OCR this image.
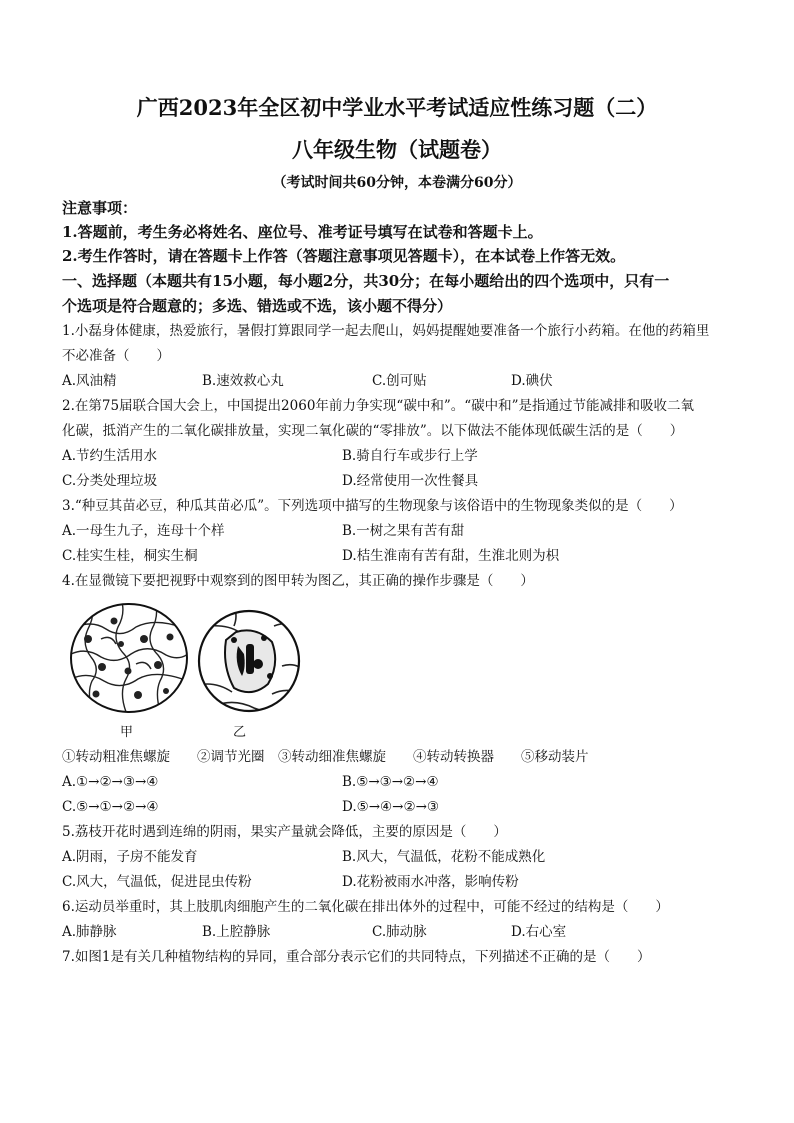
广西2023年全区初中学业水平考试适应性练习题（二）
八年级生物（试题卷）
（考试时间共60分钟，本卷满分60分）
注意事项：
1.答题前，考生务必将姓名、座位号、准考证号填写在试卷和答题卡上。
2.考生作答时，请在答题卡上作答（答题注意事项见答题卡），在本试卷上作答无效。
一、选择题（本题共有15小题，每小题2分，共30分；在每小题给出的四个选项中，只有一
个选项是符合题意的；多选、错选或不选，该小题不得分）
1.小磊身体健康，热爱旅行，暑假打算跟同学一起去爬山，妈妈提醒她要准备一个旅行小药箱。在他的药箱里
不必准备（　　）
A.风油精	B.速效救心丸	C.创可贴	D.碘伏
2.在第75届联合国大会上，中国提出2060年前力争实现“碳中和”。“碳中和”是指通过节能减排和吸收二氧
化碳，抵消产生的二氧化碳排放量，实现二氧化碳的“零排放”。以下做法不能体现低碳生活的是（　　）
A.节约生活用水	B.骑自行车或步行上学
C.分类处理垃圾	D.经常使用一次性餐具
3.“种豆其苗必豆，种瓜其苗必瓜”。下列选项中描写的生物现象与该俗语中的生物现象类似的是（　　）
A.一母生九子，连母十个样	B.一树之果有苦有甜
C.桂实生桂，桐实生桐	D.桔生淮南有苦有甜，生淮北则为枳
4.在显微镜下要把视野中观察到的图甲转为图乙，其正确的操作步骤是（　　）
甲	乙
①转动粗准焦螺旋　　②调节光圈　③转动细准焦螺旋　　④转动转换器　　⑤移动装片
A.①→②→③→④	B.⑤→③→②→④
C.⑤→①→②→④	D.⑤→④→②→③
5.荔枝开花时遇到连绵的阴雨，果实产量就会降低，主要的原因是（　　）
A.阴雨，子房不能发育	B.风大，气温低，花粉不能成熟化
C.风大，气温低，促进昆虫传粉	D.花粉被雨水冲落，影响传粉
6.运动员举重时，其上肢肌肉细胞产生的二氧化碳在排出体外的过程中，可能不经过的结构是（　　）
A.肺静脉	B.上腔静脉	C.肺动脉	D.右心室
7.如图1是有关几种植物结构的异同，重合部分表示它们的共同特点，下列描述不正确的是（　　）
